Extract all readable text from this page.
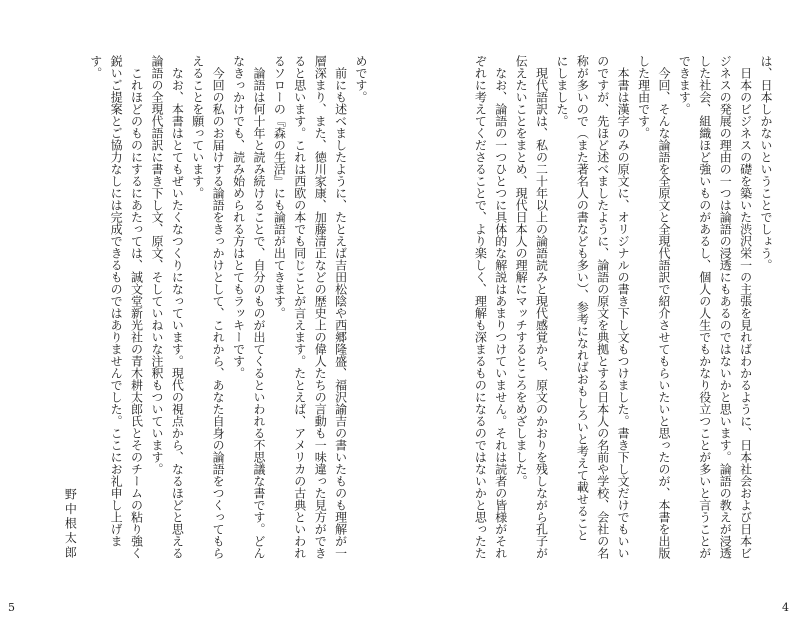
は、日本しかないということでしょう。
日本のビジネスの礎を築いた渋沢栄一の主張を見ればわかるように、日本社会および日本ビ
ジネスの発展の理由の一つは論語の浸透にもあるのではないかと思います。論語の教えが浸透
した社会、組織ほど強いものがあるし、個人の人生でもかなり役立つことが多いと言うことが
できます。
今回、そんな論語を全原文と全現代語訳で紹介させてもらいたいと思ったのが、本書を出版
した理由です。
本書は漢字のみの原文に、オリジナルの書き下し文もつけました。書き下し文だけでもいい
のですが、先ほど述べましたように、論語の原文を典拠とする日本人の名前や学校、会社の名
称が多いので（また著名人の書なども多い）、参考になればおもしろいと考えて載せること
にしました。
現代語訳は、私の二十年以上の論語読みと現代感覚から、原文のかおりを残しながら孔子が
伝えたいことをまとめ、現代日本人の理解にマッチするところをめざしました。
なお、論語の一つひとつに具体的な解説はあまりつけていません。それは読者の皆様がそれ
ぞれに考えてくださることで、より楽しく、理解も深まるものになるのではないかと思ったた
めです。
前にも述べましたように、たとえば吉田松陰や西郷隆盛、福沢諭吉の書いたものも理解が一
層深まり、また、徳川家康、加藤清正などの歴史上の偉人たちの言動も一味違った見方ができ
ると思います。これは西欧の本でも同じことが言えます。たとえば、アメリカの古典といわれ
るソローの『森の生活』にも論語が出てきます。
論語は何十年と読み続けることで、自分のものが出てくるといわれる不思議な書です。どん
なきっかけでも、読み始められる方はとてもラッキーです。
今回の私のお届けする論語をきっかけとして、これから、あなた自身の論語をつくってもら
えることを願っています。
なお、本書はとてもぜいたくなつくりになっています。現代の視点から、なるほどと思える
論語の全現代語訳に書き下し文、原文、そしていねいな注釈もついています。
これほどのものにするにあたっては、誠文堂新光社の青木耕太郎氏とそのチームの粘り強く
鋭いご提案とご協力なしには完成できるものではありませんでした。ここにお礼申し上げま
す。
野中根太郎
5	4
